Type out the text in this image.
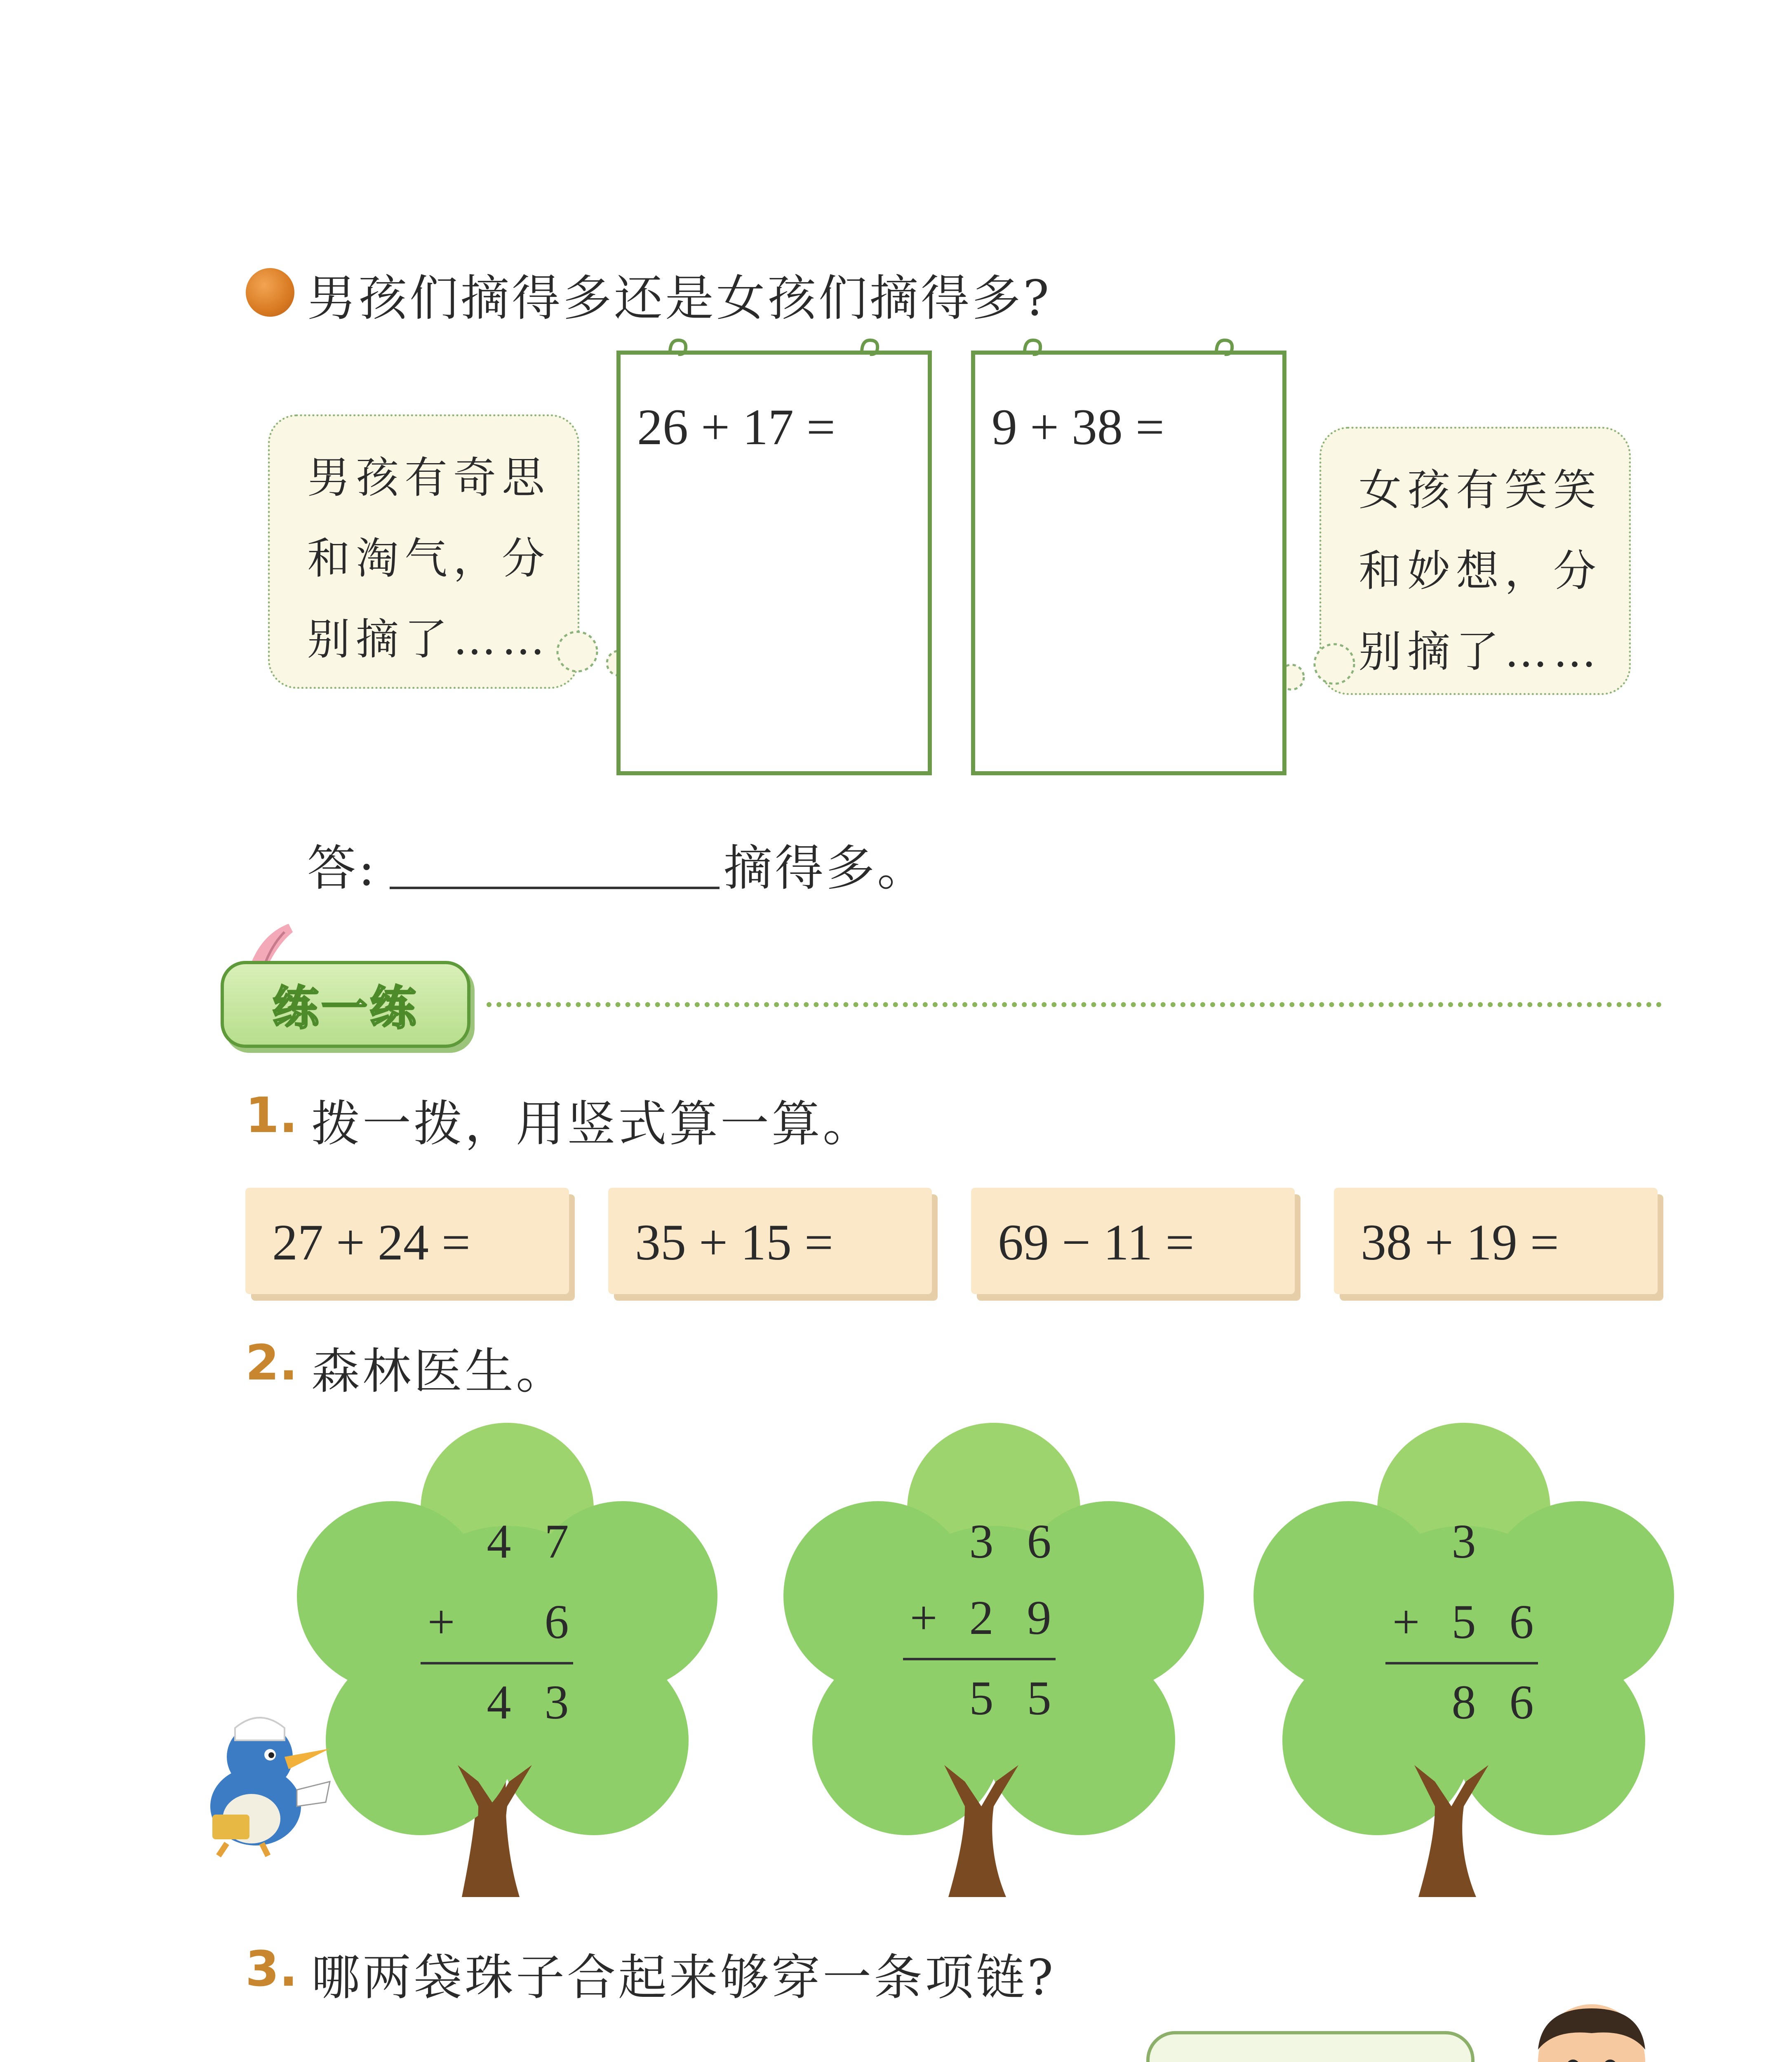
男孩们摘得多还是女孩们摘得多?
男孩有奇思
和淘气，分
别摘了……
女孩有笑笑
和妙想，分
别摘了……
26 + 17 =	9 + 38 =
答:	摘得多。
练一练
1. 拨一拨，用竖式算一算。
27 + 24 =	35 + 15 =	69 − 11 =	38 + 19 =
2. 森林医生。
4 7
+	6
4 3
3 6
+ 2 9
5 5
3
+ 5 6
8 6
3. 哪两袋珠子合起来够穿一条项链?
